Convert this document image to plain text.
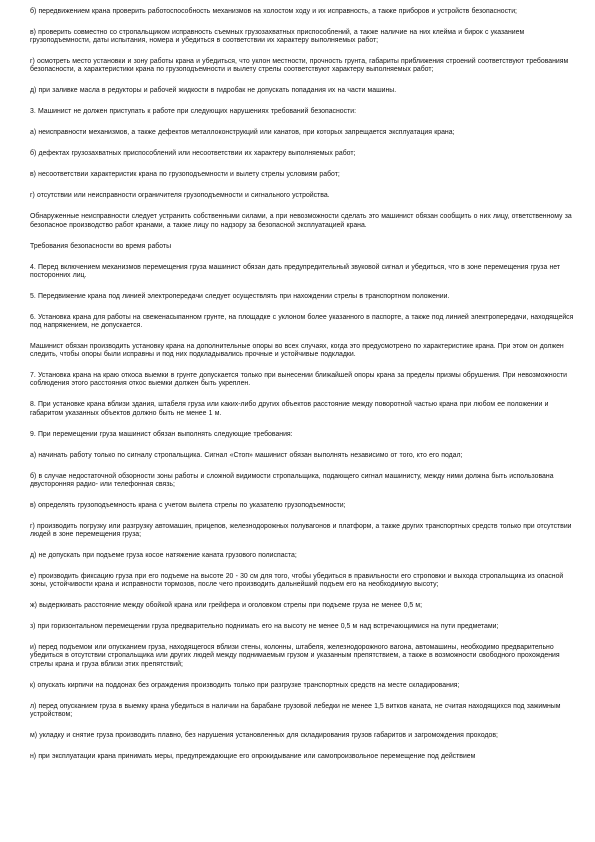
б) передвижением крана проверить работоспособность механизмов на холостом ходу и их исправность, а также приборов и устройств безопасности;

в) проверить совместно со стропальщиком исправность съемных грузозахватных приспособлений, а также наличие на них клейма и бирок с указанием грузоподъемности, даты испытания, номера и убедиться в соответствии их характеру выполняемых работ;

г) осмотреть место установки и зону работы крана и убедиться, что уклон местности, прочность грунта, габариты приближения строений соответствуют требованиям безопасности, а характеристики крана по грузоподъемности и вылету стрелы соответствуют характеру выполняемых работ;

д) при заливке масла в редукторы и рабочей жидкости в гидробак не допускать попадания их на части машины.

3. Машинист не должен приступать к работе при следующих нарушениях требований безопасности:

а) неисправности механизмов, а также дефектов металлоконструкций или канатов, при которых запрещается эксплуатация крана;

б) дефектах грузозахватных приспособлений или несоответствии их характеру выполняемых работ;

в) несоответствии характеристик крана по грузоподъемности и вылету стрелы условиям работ;

г) отсутствии или неисправности ограничителя грузоподъемности и сигнального устройства.

Обнаруженные неисправности следует устранить собственными силами, а при невозможности сделать это машинист обязан сообщить о них лицу, ответственному за безопасное производство работ кранами, а также лицу по надзору за безопасной эксплуатацией крана.

Требования безопасности во время работы

4. Перед включением механизмов перемещения груза машинист обязан дать предупредительный звуковой сигнал и убедиться, что в зоне перемещения груза нет посторонних лиц.

5. Передвижение крана под линией электропередачи следует осуществлять при нахождении стрелы в транспортном положении.

6. Установка крана для работы на свеженасыпанном грунте, на площадке с уклоном более указанного в паспорте, а также под линией электропередачи, находящейся под напряжением, не допускается.

Машинист обязан производить установку крана на дополнительные опоры во всех случаях, когда это предусмотрено по характеристике крана. При этом он должен следить, чтобы опоры были исправны и под них подкладывались прочные и устойчивые подкладки.

7. Установка крана на краю откоса выемки в грунте допускается только при вынесении ближайшей опоры крана за пределы призмы обрушения. При невозможности соблюдения этого расстояния откос выемки должен быть укреплен.

8. При установке крана вблизи здания, штабеля груза или каких-либо других объектов расстояние между поворотной частью крана при любом ее положении и габаритом указанных объектов должно быть не менее 1 м.

9. При перемещении груза машинист обязан выполнять следующие требования:

а) начинать работу только по сигналу стропальщика. Сигнал «Стоп» машинист обязан выполнять независимо от того, кто его подал;

б) в случае недостаточной обзорности зоны работы и сложной видимости стропальщика, подающего сигнал машинисту, между ними должна быть использована двусторонняя радио- или телефонная связь;

в) определять грузоподъемность крана с учетом вылета стрелы по указателю грузоподъемности;

г) производить погрузку или разгрузку автомашин, прицепов, железнодорожных полувагонов и платформ, а также других транспортных средств только при отсутствии людей в зоне перемещения груза;

д) не допускать при подъеме груза косое натяжение каната грузового полиспаста;

е) производить фиксацию груза при его подъеме на высоте 20 - 30 см для того, чтобы убедиться в правильности его строповки и выхода стропальщика из опасной зоны, устойчивости крана и исправности тормозов, после чего производить дальнейший подъем его на необходимую высоту;

ж) выдерживать расстояние между обойкой крана или грейфера и оголовком стрелы при подъеме груза не менее 0,5 м;

з) при горизонтальном перемещении груза предварительно поднимать его на высоту не менее 0,5 м над встречающимися на пути предметами;

и) перед подъемом или опусканием груза, находящегося вблизи стены, колонны, штабеля, железнодорожного вагона, автомашины, необходимо предварительно убедиться в отсутствии стропальщика или других людей между поднимаемым грузом и указанным препятствием, а также в возможности свободного прохождения стрелы крана и груза вблизи этих препятствий;

к) опускать кирпичи на поддонах без ограждения производить только при разгрузке транспортных средств на месте складирования;

л) перед опусканием груза в выемку крана убедиться в наличии на барабане грузовой лебедки не менее 1,5 витков каната, не считая находящихся под зажимным устройством;

м) укладку и снятие груза производить плавно, без нарушения установленных для складирования грузов габаритов и загромождения проходов;

н) при эксплуатации крана принимать меры, предупреждающие его опрокидывание или самопроизвольное перемещение под действием
